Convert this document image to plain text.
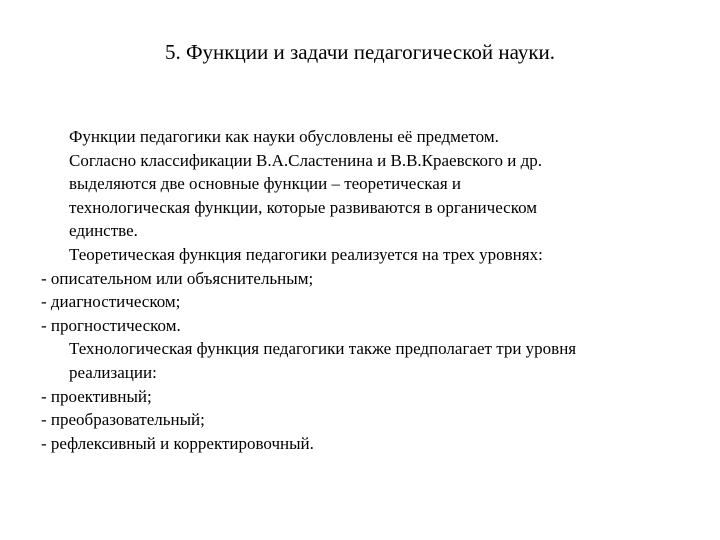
5. Функции и задачи педагогической науки.
Функции педагогики как науки обусловлены её предметом.
Согласно классификации В.А.Сластенина и В.В.Краевского и др.
выделяются две основные функции – теоретическая и
технологическая функции, которые развиваются в органическом
единстве.
Теоретическая функция педагогики реализуется на трех уровнях:
- описательном или объяснительным;
- диагностическом;
- прогностическом.
Технологическая функция педагогики также предполагает три уровня
реализации:
- проективный;
- преобразовательный;
- рефлексивный и корректировочный.
